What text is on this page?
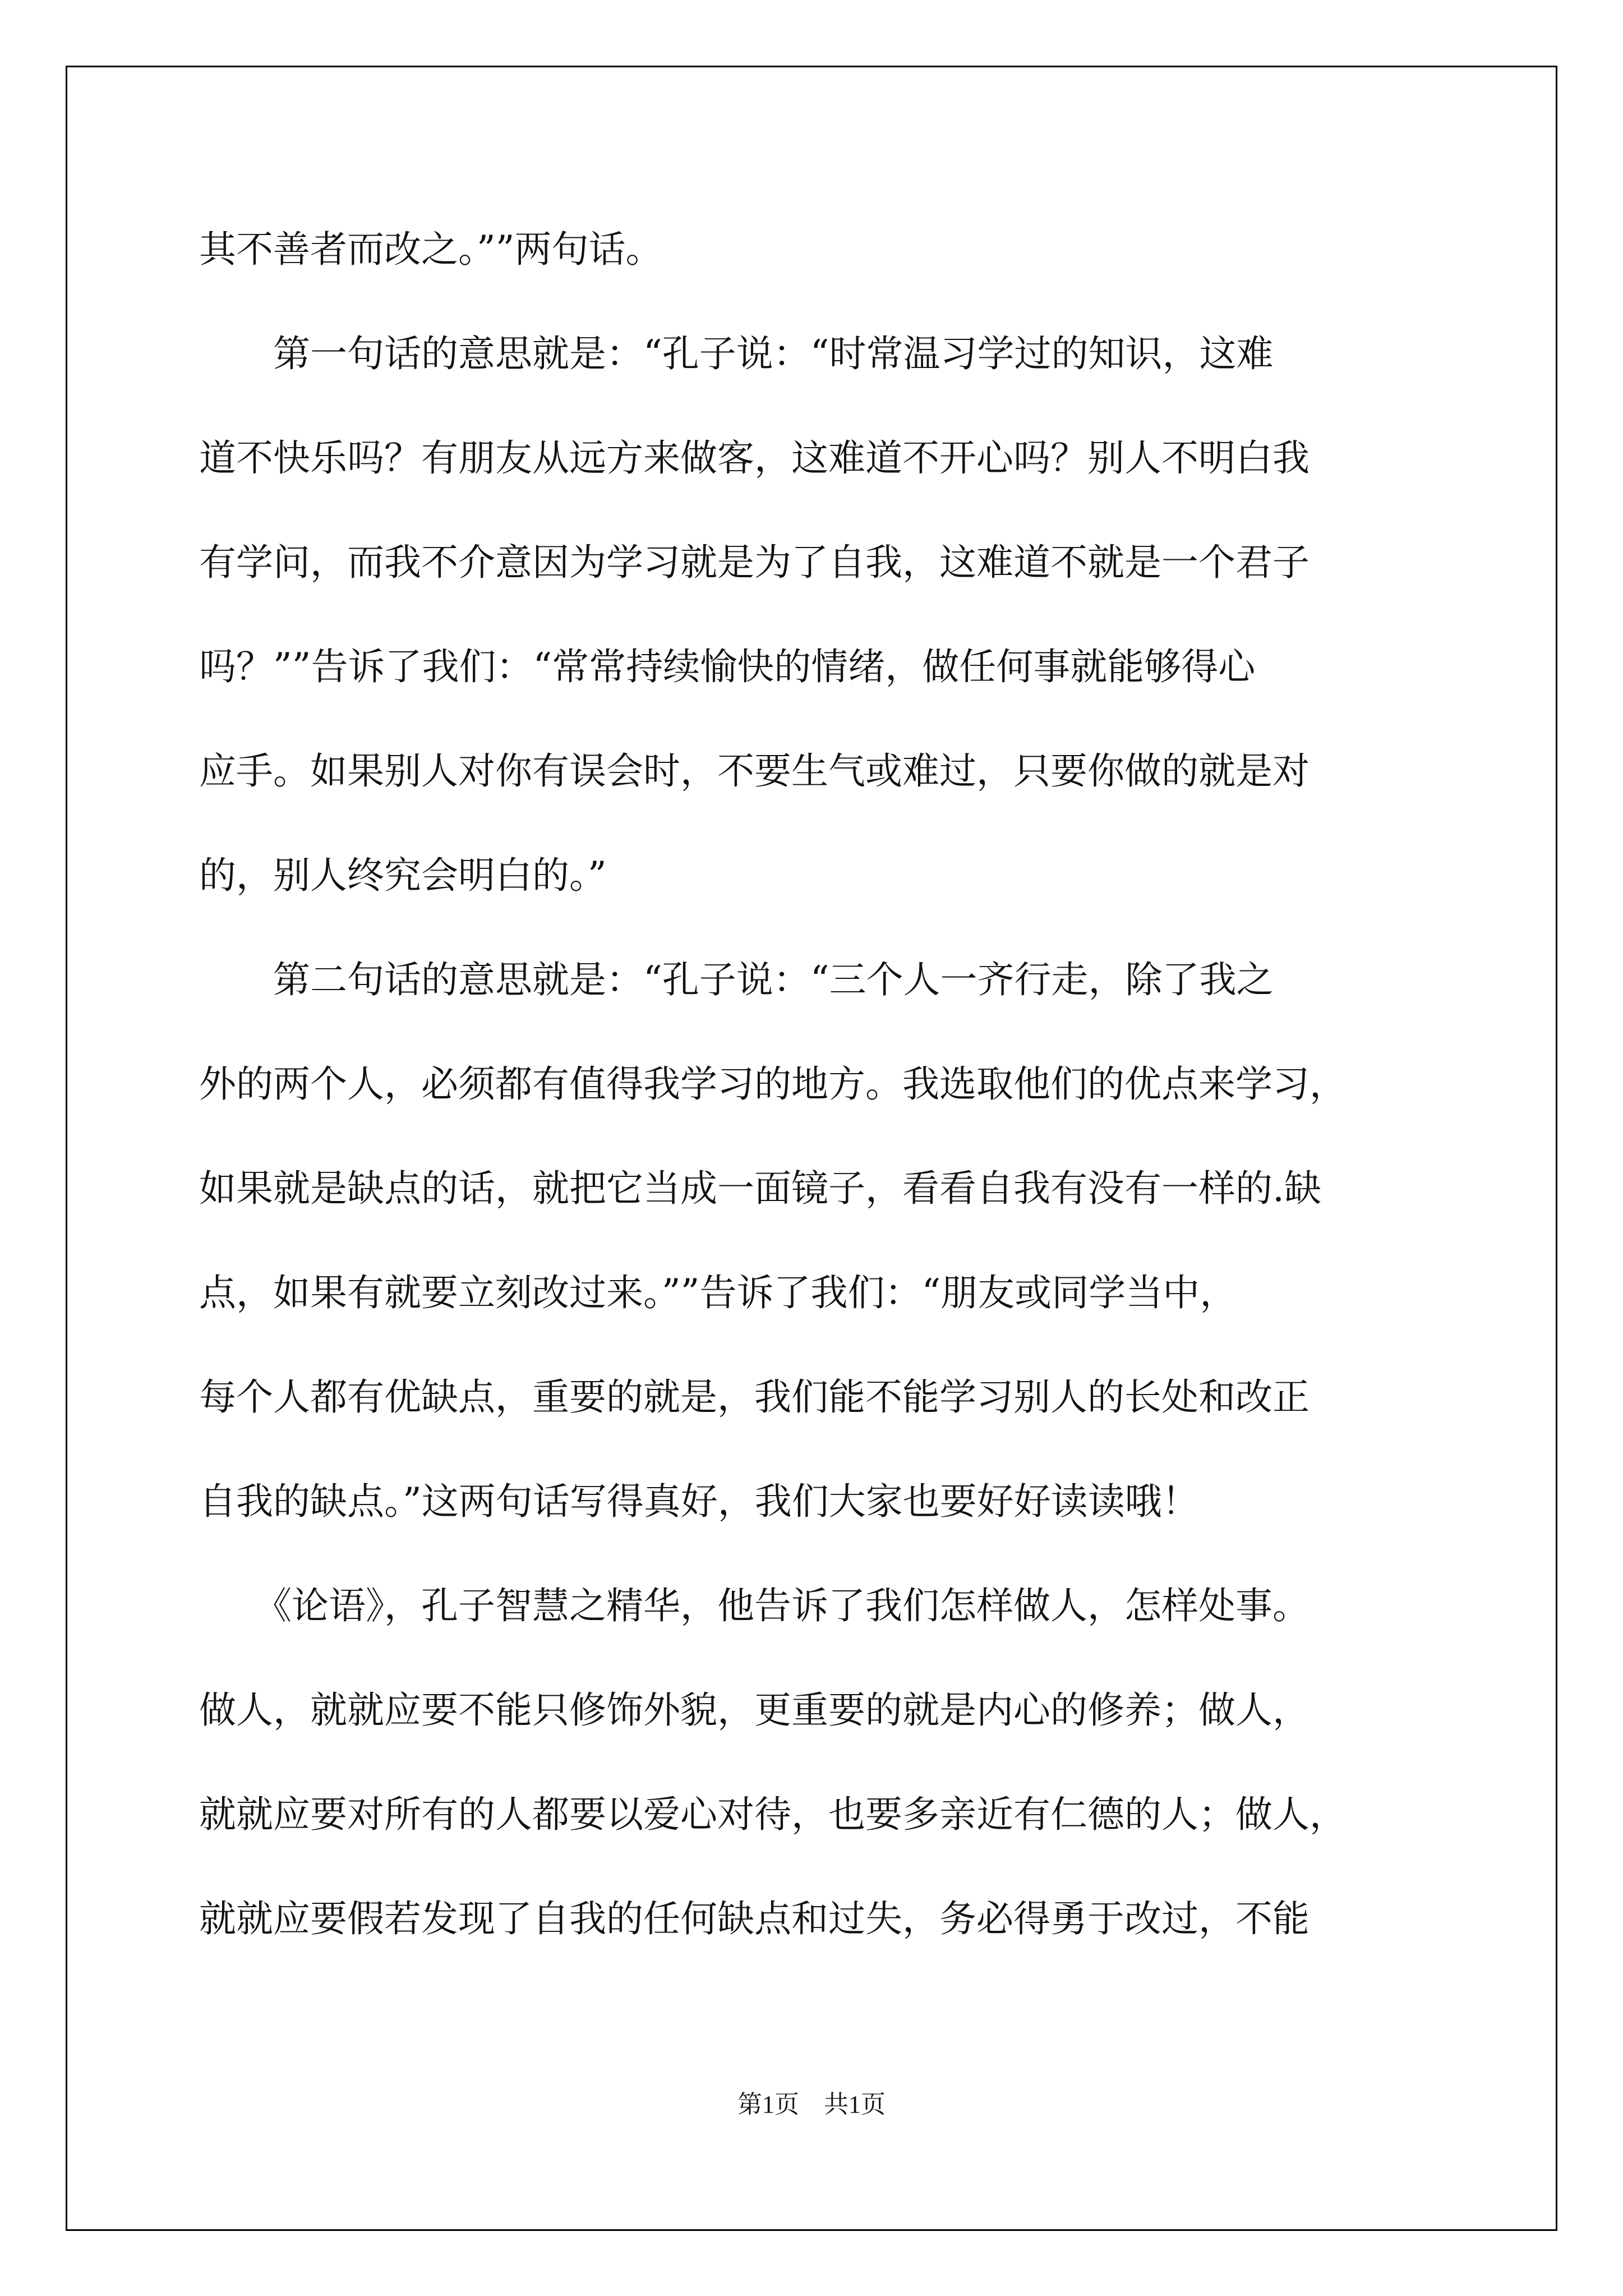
其不善者而改之。””两句话。
　　第一句话的意思就是：“孔子说：“时常温习学过的知识，这难
道不快乐吗？有朋友从远方来做客，这难道不开心吗？别人不明白我
有学问，而我不介意因为学习就是为了自我，这难道不就是一个君子
吗？””告诉了我们：“常常持续愉快的情绪，做任何事就能够得心
应手。如果别人对你有误会时，不要生气或难过，只要你做的就是对
的，别人终究会明白的。”
　　第二句话的意思就是：“孔子说：“三个人一齐行走，除了我之
外的两个人，必须都有值得我学习的地方。我选取他们的优点来学习，
如果就是缺点的话，就把它当成一面镜子，看看自我有没有一样的.缺
点，如果有就要立刻改过来。””告诉了我们：“朋友或同学当中，
每个人都有优缺点，重要的就是，我们能不能学习别人的长处和改正
自我的缺点。”这两句话写得真好，我们大家也要好好读读哦！
　　《论语》，孔子智慧之精华，他告诉了我们怎样做人，怎样处事。
做人，就就应要不能只修饰外貌，更重要的就是内心的修养；做人，
就就应要对所有的人都要以爱心对待，也要多亲近有仁德的人；做人，
就就应要假若发现了自我的任何缺点和过失，务必得勇于改过，不能
第1页　共1页
